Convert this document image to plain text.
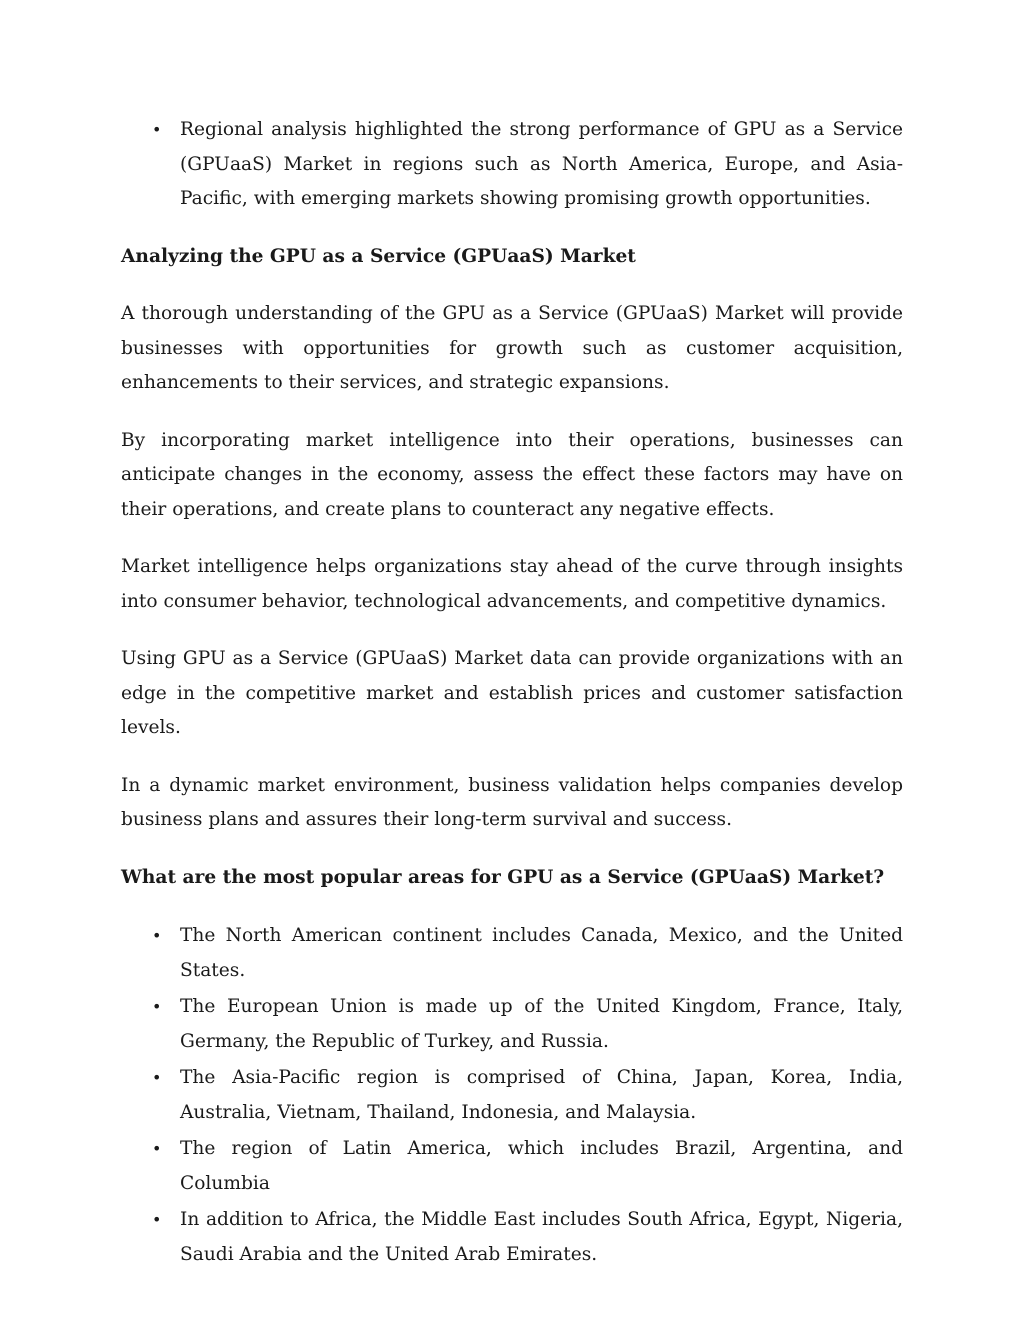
• Regional analysis highlighted the strong performance of GPU as a Service (GPUaaS) Market in regions such as North America, Europe, and Asia-Pacific, with emerging markets showing promising growth opportunities.
Analyzing the GPU as a Service (GPUaaS) Market

A thorough understanding of the GPU as a Service (GPUaaS) Market will provide businesses with opportunities for growth such as customer acquisition, enhancements to their services, and strategic expansions.

By incorporating market intelligence into their operations, businesses can anticipate changes in the economy, assess the effect these factors may have on their operations, and create plans to counteract any negative effects.

Market intelligence helps organizations stay ahead of the curve through insights into consumer behavior, technological advancements, and competitive dynamics.

Using GPU as a Service (GPUaaS) Market data can provide organizations with an edge in the competitive market and establish prices and customer satisfaction levels.

In a dynamic market environment, business validation helps companies develop business plans and assures their long-term survival and success.

What are the most popular areas for GPU as a Service (GPUaaS) Market?
• The North American continent includes Canada, Mexico, and the United States.
• The European Union is made up of the United Kingdom, France, Italy, Germany, the Republic of Turkey, and Russia.
• The Asia-Pacific region is comprised of China, Japan, Korea, India, Australia, Vietnam, Thailand, Indonesia, and Malaysia.
• The region of Latin America, which includes Brazil, Argentina, and Columbia
• In addition to Africa, the Middle East includes South Africa, Egypt, Nigeria, Saudi Arabia and the United Arab Emirates.
